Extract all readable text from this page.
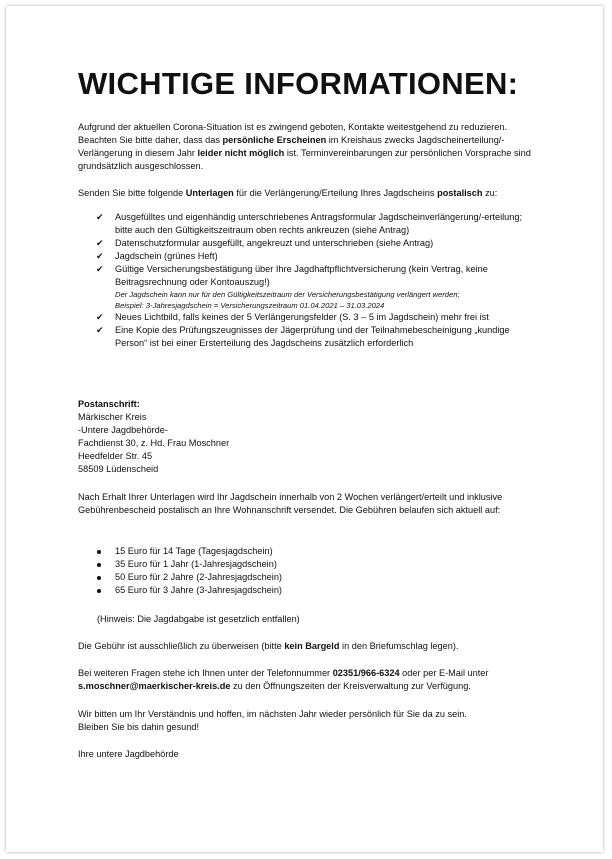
WICHTIGE INFORMATIONEN:

Aufgrund der aktuellen Corona-Situation ist es zwingend geboten, Kontakte weitestgehend zu reduzieren. Beachten Sie bitte daher, dass das persönliche Erscheinen im Kreishaus zwecks Jagdscheinerteilung/-Verlängerung in diesem Jahr leider nicht möglich ist. Terminvereinbarungen zur persönlichen Vorsprache sind grundsätzlich ausgeschlossen.

Senden Sie bitte folgende Unterlagen für die Verlängerung/Erteilung Ihres Jagdscheins postalisch zu:

✔ Ausgefülltes und eigenhändig unterschriebenes Antragsformular Jagdscheinverlängerung/-erteilung; bitte auch den Gültigkeitszeitraum oben rechts ankreuzen (siehe Antrag)
✔ Datenschutzformular ausgefüllt, angekreuzt und unterschrieben (siehe Antrag)
✔ Jagdschein (grünes Heft)
✔ Gültige Versicherungsbestätigung über Ihre Jagdhaftpflichtversicherung (kein Vertrag, keine Beitragsrechnung oder Kontoauszug!)
Der Jagdschein kann nur für den Gültigkeitszeitraum der Versicherungsbestätigung verlängert werden;
Beispiel: 3-Jahresjagdschein = Versicherungszeitraum 01.04.2021 – 31.03.2024
✔ Neues Lichtbild, falls keines der 5 Verlängerungsfelder (S. 3 – 5 im Jagdschein) mehr frei ist
✔ Eine Kopie des Prüfungszeugnisses der Jägerprüfung und der Teilnahmebescheinigung „kundige Person“ ist bei einer Ersterteilung des Jagdscheins zusätzlich erforderlich
Postanschrift:
Märkischer Kreis
-Untere Jagdbehörde-
Fachdienst 30, z. Hd. Frau Moschner
Heedfelder Str. 45
58509 Lüdenscheid

Nach Erhalt Ihrer Unterlagen wird Ihr Jagdschein innerhalb von 2 Wochen verlängert/erteilt und inklusive Gebührenbescheid postalisch an Ihre Wohnanschrift versendet. Die Gebühren belaufen sich aktuell auf:

15 Euro für 14 Tage (Tagesjagdschein)
35 Euro für 1 Jahr (1-Jahresjagdschein)
50 Euro für 2 Jahre (2-Jahresjagdschein)
65 Euro für 3 Jahre (3-Jahresjagdschein)

(Hinweis: Die Jagdabgabe ist gesetzlich entfallen)

Die Gebühr ist ausschließlich zu überweisen (bitte kein Bargeld in den Briefumschlag legen).

Bei weiteren Fragen stehe ich Ihnen unter der Telefonnummer 02351/966-6324 oder per E-Mail unter s.moschner@maerkischer-kreis.de zu den Öffnungszeiten der Kreisverwaltung zur Verfügung.

Wir bitten um Ihr Verständnis und hoffen, im nächsten Jahr wieder persönlich für Sie da zu sein.

Bleiben Sie bis dahin gesund!

Ihre untere Jagdbehörde
